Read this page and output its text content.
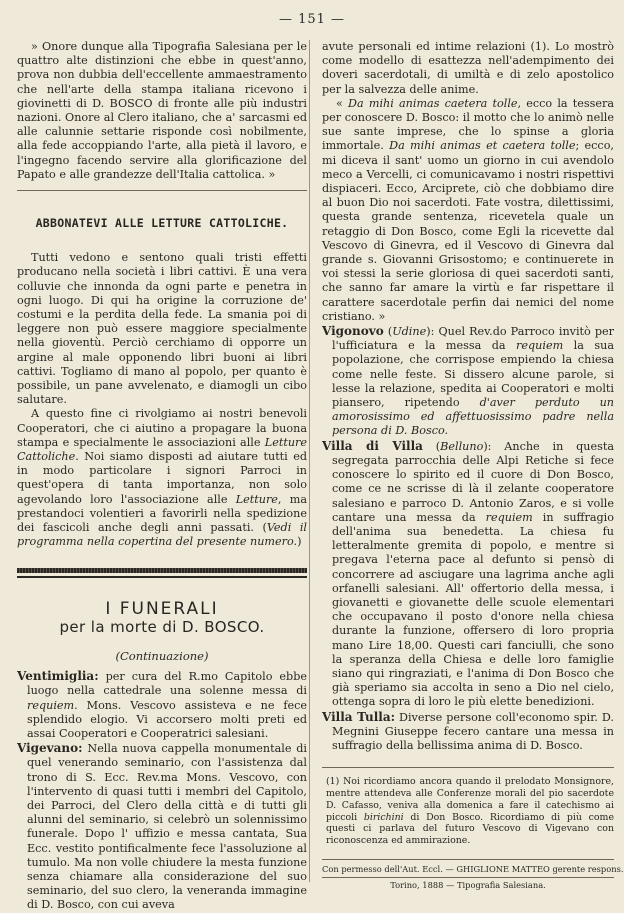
— 151 —

» Onore dunque alla Tipografia Salesiana per le quattro alte distinzioni che ebbe in quest'anno, prova non dubbia dell'eccellente ammaestramento che nell'arte della stampa italiana ricevono i giovinetti di D. BOSCO di fronte alle più industri nazioni. Onore al Clero italiano, che a' sarcasmi ed alle calunnie settarie risponde così nobilmente, alla fede accoppiando l'arte, alla pietà il lavoro, e l'ingegno facendo servire alla glorificazione del Papato e alle grandezze dell'Italia cattolica. »

ABBONATEVI ALLE LETTURE CATTOLICHE.

Tutti vedono e sentono quali tristi effetti producano nella società i libri cattivi. È una vera colluvie che innonda da ogni parte e penetra in ogni luogo. Di qui ha origine la corruzione de' costumi e la perdita della fede. La smania poi di leggere non può essere maggiore specialmente nella gioventù. Perciò cerchiamo di opporre un argine al male opponendo libri buoni ai libri cattivi. Togliamo di mano al popolo, per quanto è possibile, un pane avvelenato, e diamogli un cibo salutare.

A questo fine ci rivolgiamo ai nostri benevoli Cooperatori, che ci aiutino a propagare la buona stampa e specialmente le associazioni alle Letture Cattoliche. Noi siamo disposti ad aiutare tutti ed in modo particolare i signori Parroci in quest'opera di tanta importanza, non solo agevolando loro l'associazione alle Letture, ma prestandoci volentieri a favorirli nella spedizione dei fascicoli anche degli anni passati. (Vedi il programma nella copertina del presente numero.)

I FUNERALI
per la morte di D. BOSCO.
(Continuazione)

Ventimiglia: per cura del R.mo Capitolo ebbe luogo nella cattedrale una solenne messa di requiem. Mons. Vescovo assisteva e ne fece splendido elogio. Vi accorsero molti preti ed assai Cooperatori e Cooperatrici salesiani.

Vigevano: Nella nuova cappella monumentale di quel venerando seminario, con l'assistenza dal trono di S. Ecc. Rev.ma Mons. Vescovo, con l'intervento di quasi tutti i membri del Capitolo, dei Parroci, del Clero della città e di tutti gli alunni del seminario, si celebrò un solennissimo funerale. Dopo l' uffizio e messa cantata, Sua Ecc. vestito pontificalmente fece l'assoluzione al tumulo. Ma non volle chiudere la mesta funzione senza chiamare alla considerazione del suo seminario, del suo clero, la veneranda immagine di D. Bosco, con cui aveva

avute personali ed intime relazioni (1). Lo mostrò come modello di esattezza nell'adempimento dei doveri sacerdotali, di umiltà e di zelo apostolico per la salvezza delle anime.

« Da mihi animas caetera tolle, ecco la tessera per conoscere D. Bosco: il motto che lo animò nelle sue sante imprese, che lo spinse a gloria immortale. Da mihi animas et caetera tolle; ecco, mi diceva il sant' uomo un giorno in cui avendolo meco a Vercelli, ci comunicavamo i nostri rispettivi dispiaceri. Ecco, Arciprete, ciò che dobbiamo dire al buon Dio noi sacerdoti. Fate vostra, dilettissimi, questa grande sentenza, ricevetela quale un retaggio di Don Bosco, come Egli la ricevette dal Vescovo di Ginevra, ed il Vescovo di Ginevra dal grande s. Giovanni Grisostomo; e continuerete in voi stessi la serie gloriosa di quei sacerdoti santi, che sanno far amare la virtù e far rispettare il carattere sacerdotale perfin dai nemici del nome cristiano. »

Vigonovo (Udine): Quel Rev.do Parroco invitò per l'ufficiatura e la messa da requiem la sua popolazione, che corrispose empiendo la chiesa come nelle feste. Si dissero alcune parole, si lesse la relazione, spedita ai Cooperatori e molti piansero, ripetendo d'aver perduto un amorosissimo ed affettuosissimo padre nella persona di D. Bosco.

Villa di Villa (Belluno): Anche in questa segregata parrocchia delle Alpi Retiche si fece conoscere lo spirito ed il cuore di Don Bosco, come ce ne scrisse di là il zelante cooperatore salesiano e parroco D. Antonio Zaros, e si volle cantare una messa da requiem in suffragio dell'anima sua benedetta. La chiesa fu letteralmente gremita di popolo, e mentre si pregava l'eterna pace al defunto si pensò di concorrere ad asciugare una lagrima anche agli orfanelli salesiani. All' offertorio della messa, i giovanetti e giovanette delle scuole elementari che occupavano il posto d'onore nella chiesa durante la funzione, offersero di loro propria mano Lire 18,00. Questi cari fanciulli, che sono la speranza della Chiesa e delle loro famiglie siano qui ringraziati, e l'anima di Don Bosco che già speriamo sia accolta in seno a Dio nel cielo, ottenga sopra di loro le più elette benedizioni.

Villa Tulla: Diverse persone coll'economo spir. D. Megnini Giuseppe fecero cantare una messa in suffragio della bellissima anima di D. Bosco.

(1) Noi ricordiamo ancora quando il prelodato Monsignore, mentre attendeva alle Conferenze morali del pio sacerdote D. Cafasso, veniva alla domenica a fare il catechismo ai piccoli birichini di Don Bosco. Ricordiamo di più come questi ci parlava del futuro Vescovo di Vigevano con riconoscenza ed ammirazione.

Con permesso dell'Aut. Eccl. — GHIGLIONE MATTEO gerente respons.
Torino, 1888 — Tipografia Salesiana.
